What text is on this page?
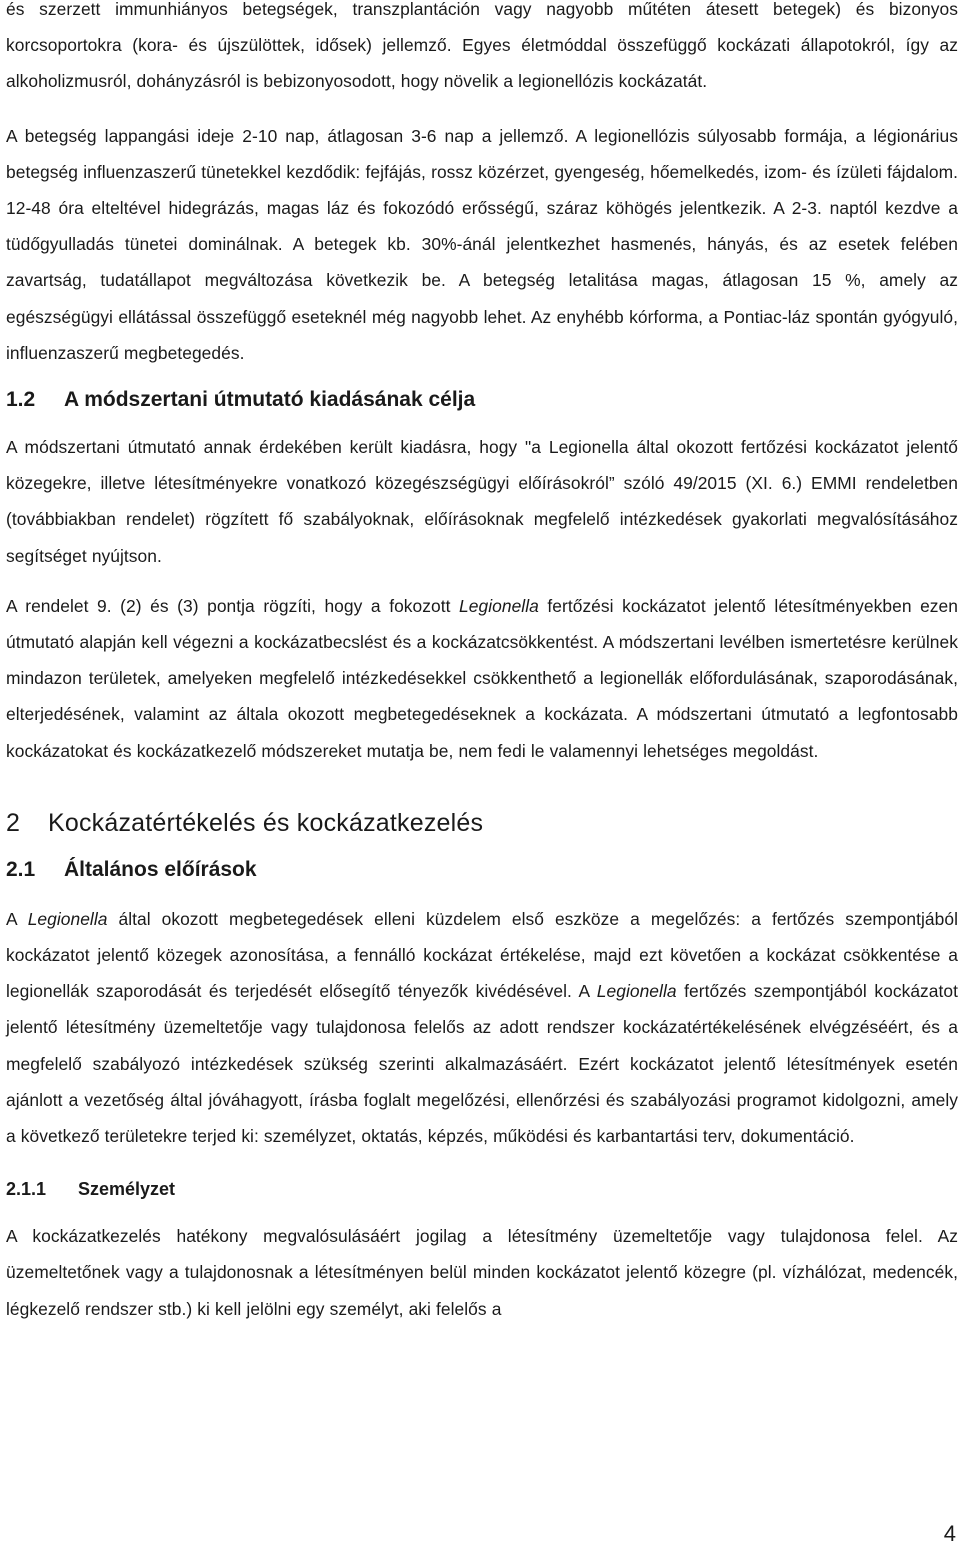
és szerzett immunhiányos betegségek, transzplantáción vagy nagyobb műtéten átesett betegek) és bizonyos korcsoportokra (kora- és újszülöttek, idősek) jellemző. Egyes életmóddal összefüggő kockázati állapotokról, így az alkoholizmusról, dohányzásról is bebizonyosodott, hogy növelik a legionellózis kockázatát.

A betegség lappangási ideje 2-10 nap, átlagosan 3-6 nap a jellemző. A legionellózis súlyosabb formája, a légionárius betegség influenzaszerű tünetekkel kezdődik: fejfájás, rossz közérzet, gyengeség, hőemelkedés, izom- és ízületi fájdalom. 12-48 óra elteltével hidegrázás, magas láz és fokozódó erősségű, száraz köhögés jelentkezik. A 2-3. naptól kezdve a tüdőgyulladás tünetei dominálnak. A betegek kb. 30%-ánál jelentkezhet hasmenés, hányás, és az esetek felében zavartság, tudatállapot megváltozása következik be. A betegség letalitása magas, átlagosan 15 %, amely az egészségügyi ellátással összefüggő eseteknél még nagyobb lehet. Az enyhébb kórforma, a Pontiac-láz spontán gyógyuló, influenzaszerű megbetegedés.

1.2 A módszertani útmutató kiadásának célja

A módszertani útmutató annak érdekében került kiadásra, hogy "a Legionella által okozott fertőzési kockázatot jelentő közegekre, illetve létesítményekre vonatkozó közegészségügyi előírásokról” szóló 49/2015 (XI. 6.) EMMI rendeletben (továbbiakban rendelet) rögzített fő szabályoknak, előírásoknak megfelelő intézkedések gyakorlati megvalósításához segítséget nyújtson.

A rendelet 9. (2) és (3) pontja rögzíti, hogy a fokozott Legionella fertőzési kockázatot jelentő létesítményekben ezen útmutató alapján kell végezni a kockázatbecslést és a kockázatcsökkentést. A módszertani levélben ismertetésre kerülnek mindazon területek, amelyeken megfelelő intézkedésekkel csökkenthető a legionellák előfordulásának, szaporodásának, elterjedésének, valamint az általa okozott megbetegedéseknek a kockázata. A módszertani útmutató a legfontosabb kockázatokat és kockázatkezelő módszereket mutatja be, nem fedi le valamennyi lehetséges megoldást.

2 Kockázatértékelés és kockázatkezelés
2.1 Általános előírások

A Legionella által okozott megbetegedések elleni küzdelem első eszköze a megelőzés: a fertőzés szempontjából kockázatot jelentő közegek azonosítása, a fennálló kockázat értékelése, majd ezt követően a kockázat csökkentése a legionellák szaporodását és terjedését elősegítő tényezők kivédésével. A Legionella fertőzés szempontjából kockázatot jelentő létesítmény üzemeltetője vagy tulajdonosa felelős az adott rendszer kockázatértékelésének elvégzéséért, és a megfelelő szabályozó intézkedések szükség szerinti alkalmazásáért. Ezért kockázatot jelentő létesítmények esetén ajánlott a vezetőség által jóváhagyott, írásba foglalt megelőzési, ellenőrzési és szabályozási programot kidolgozni, amely a következő területekre terjed ki: személyzet, oktatás, képzés, működési és karbantartási terv, dokumentáció.

2.1.1 Személyzet

A kockázatkezelés hatékony megvalósulásáért jogilag a létesítmény üzemeltetője vagy tulajdonosa felel. Az üzemeltetőnek vagy a tulajdonosnak a létesítményen belül minden kockázatot jelentő közegre (pl. vízhálózat, medencék, légkezelő rendszer stb.) ki kell jelölni egy személyt, aki felelős a

4
